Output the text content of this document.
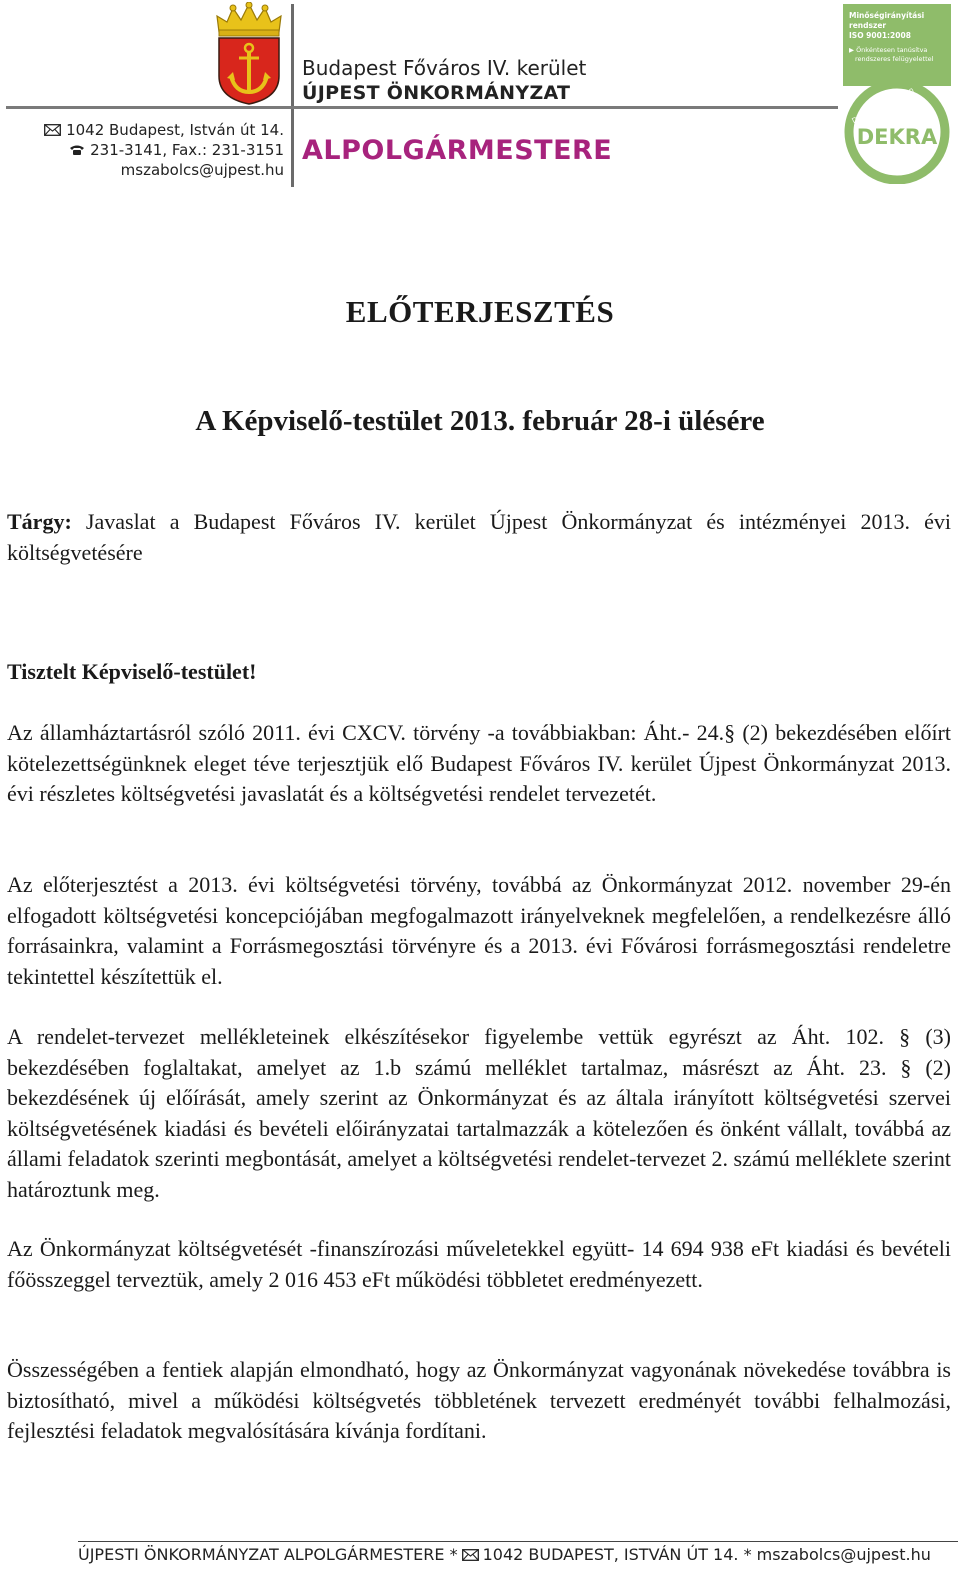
Budapest Főváros IV. kerület
ÚJPEST ÖNKORMÁNYZAT
1042 Budapest, István út 14.
231-3141, Fax.: 231-3151
mszabolcs@ujpest.hu
ALPOLGÁRMESTERE
Minőségirányítási
rendszer
ISO 9001:2008
▶ Önkéntesen tanúsítva
rendszeres felügyelettel
DEKRA Certification
DEKRA
tanúsított
ELŐTERJESZTÉS
A Képviselő-testület 2013. február 28-i ülésére

Tárgy: Javaslat a Budapest Főváros IV. kerület Újpest Önkormányzat és intézményei 2013. évi költségvetésére

Tisztelt Képviselő-testület!

Az államháztartásról szóló 2011. évi CXCV. törvény -a továbbiakban: Áht.- 24.§ (2) bekezdésében előírt kötelezettségünknek eleget téve terjesztjük elő Budapest Főváros IV. kerület Újpest Önkormányzat 2013. évi részletes költségvetési javaslatát és a költségvetési rendelet tervezetét.

Az előterjesztést a 2013. évi költségvetési törvény, továbbá az Önkormányzat 2012. november 29-én elfogadott költségvetési koncepciójában megfogalmazott irányelveknek megfelelően, a rendelkezésre álló forrásainkra, valamint a Forrásmegosztási törvényre és a 2013. évi Fővárosi forrásmegosztási rendeletre tekintettel készítettük el.

A rendelet-tervezet mellékleteinek elkészítésekor figyelembe vettük egyrészt az Áht. 102. § (3) bekezdésében foglaltakat, amelyet az 1.b számú melléklet tartalmaz, másrészt az Áht. 23. § (2) bekezdésének új előírását, amely szerint az Önkormányzat és az általa irányított költségvetési szervei költségvetésének kiadási és bevételi előirányzatai tartalmazzák a kötelezően és önként vállalt, továbbá az állami feladatok szerinti megbontását, amelyet a költségvetési rendelet-tervezet 2. számú melléklete szerint határoztunk meg.

Az Önkormányzat költségvetését -finanszírozási műveletekkel együtt- 14 694 938 eFt kiadási és bevételi főösszeggel terveztük, amely 2 016 453 eFt működési többletet eredményezett.

Összességében a fentiek alapján elmondható, hogy az Önkormányzat vagyonának növekedése továbbra is biztosítható, mivel a működési költségvetés többletének tervezett eredményét további felhalmozási, fejlesztési feladatok megvalósítására kívánja fordítani.

ÚJPESTI ÖNKORMÁNYZAT ALPOLGÁRMESTERE * 1042 BUDAPEST, ISTVÁN ÚT 14. * mszabolcs@ujpest.hu
